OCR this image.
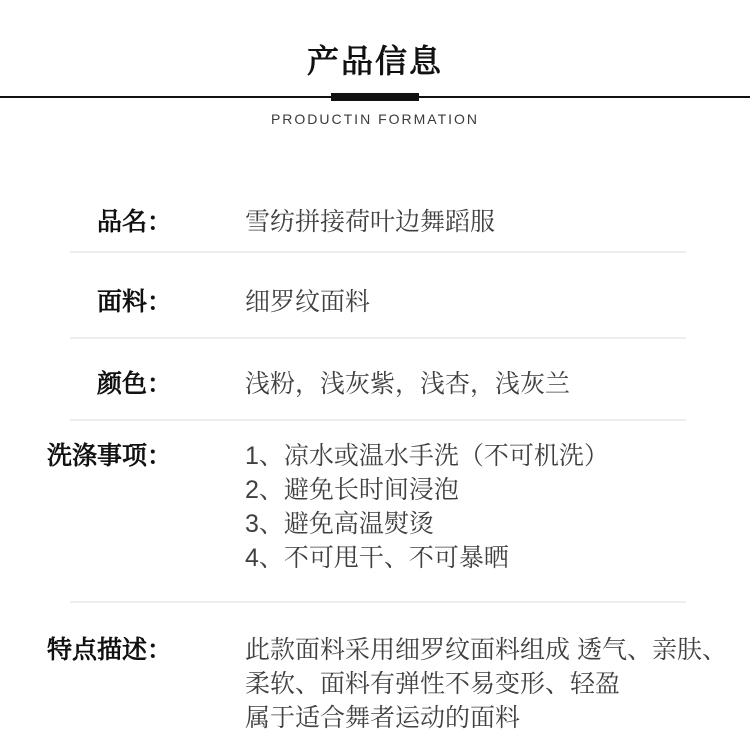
产品信息
PRODUCTIN FORMATION
品名：	雪纺拼接荷叶边舞蹈服
面料：	细罗纹面料
颜色：	浅粉，浅灰紫，浅杏，浅灰兰
洗涤事项：	1、凉水或温水手洗（不可机洗）
2、避免长时间浸泡
3、避免高温熨烫
4、不可甩干、不可暴晒
特点描述：	此款面料采用细罗纹面料组成 透气、亲肤、
柔软、面料有弹性不易变形、轻盈
属于适合舞者运动的面料
